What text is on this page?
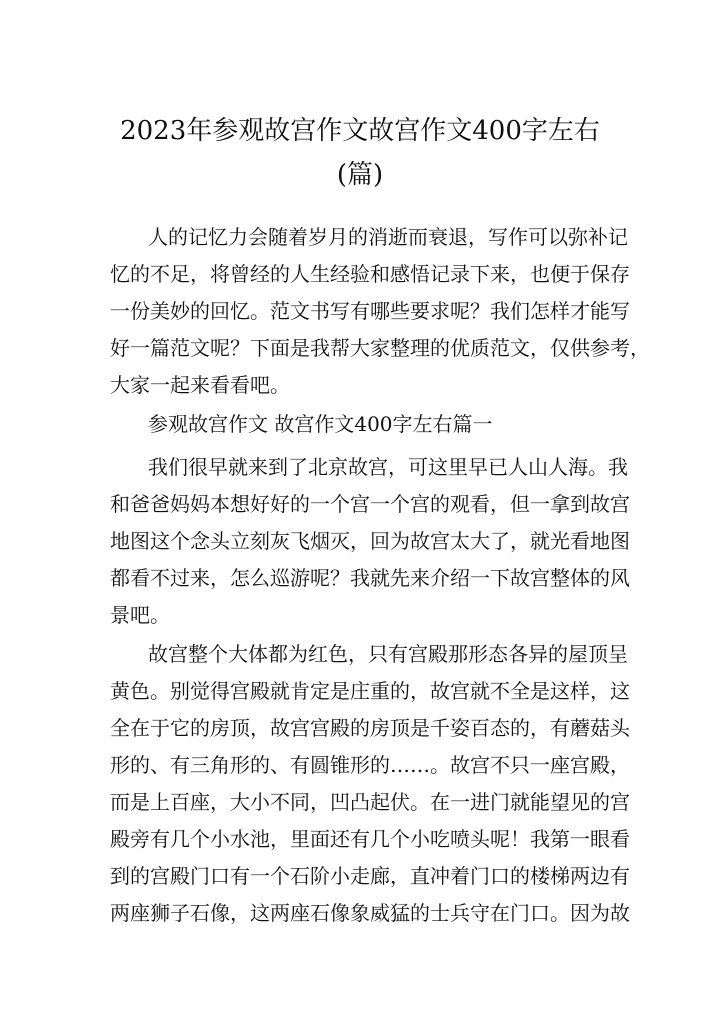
2023年参观故宫作文故宫作文400字左右
(篇)
人的记忆力会随着岁月的消逝而衰退，写作可以弥补记
忆的不足，将曾经的人生经验和感悟记录下来，也便于保存
一份美妙的回忆。范文书写有哪些要求呢？我们怎样才能写
好一篇范文呢？下面是我帮大家整理的优质范文，仅供参考，
大家一起来看看吧。
参观故宫作文 故宫作文400字左右篇一
我们很早就来到了北京故宫，可这里早已人山人海。我
和爸爸妈妈本想好好的一个宫一个宫的观看，但一拿到故宫
地图这个念头立刻灰飞烟灭，回为故宫太大了，就光看地图
都看不过来，怎么巡游呢？我就先来介绍一下故宫整体的风
景吧。
故宫整个大体都为红色，只有宫殿那形态各异的屋顶呈
黄色。别觉得宫殿就肯定是庄重的，故宫就不全是这样，这
全在于它的房顶，故宫宫殿的房顶是千姿百态的，有蘑菇头
形的、有三角形的、有圆锥形的……。故宫不只一座宫殿，
而是上百座，大小不同，凹凸起伏。在一进门就能望见的宫
殿旁有几个小水池，里面还有几个小吃喷头呢！我第一眼看
到的宫殿门口有一个石阶小走廊，直冲着门口的楼梯两边有
两座狮子石像，这两座石像象威猛的士兵守在门口。因为故
